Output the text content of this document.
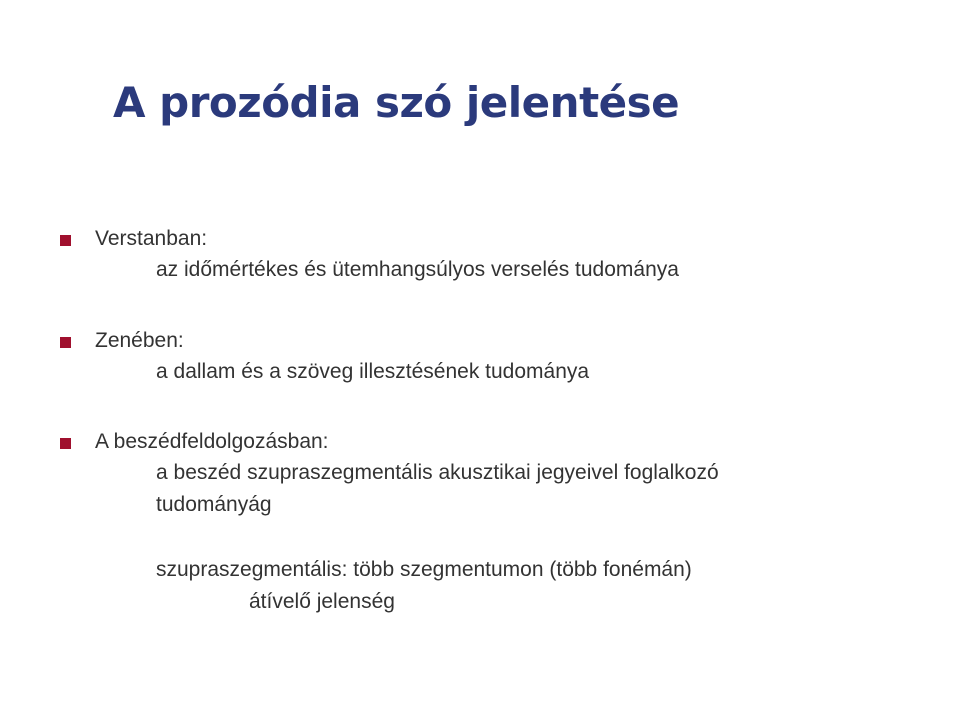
A prozódia szó jelentése
Verstanban:
az időmértékes és ütemhangsúlyos verselés tudománya
Zenében:
a dallam és a szöveg illesztésének tudománya
A beszédfeldolgozásban:
a beszéd szupraszegmentális akusztikai jegyeivel foglalkozó
tudományág
szupraszegmentális: több szegmentumon (több fonémán)
átívelő jelenség
